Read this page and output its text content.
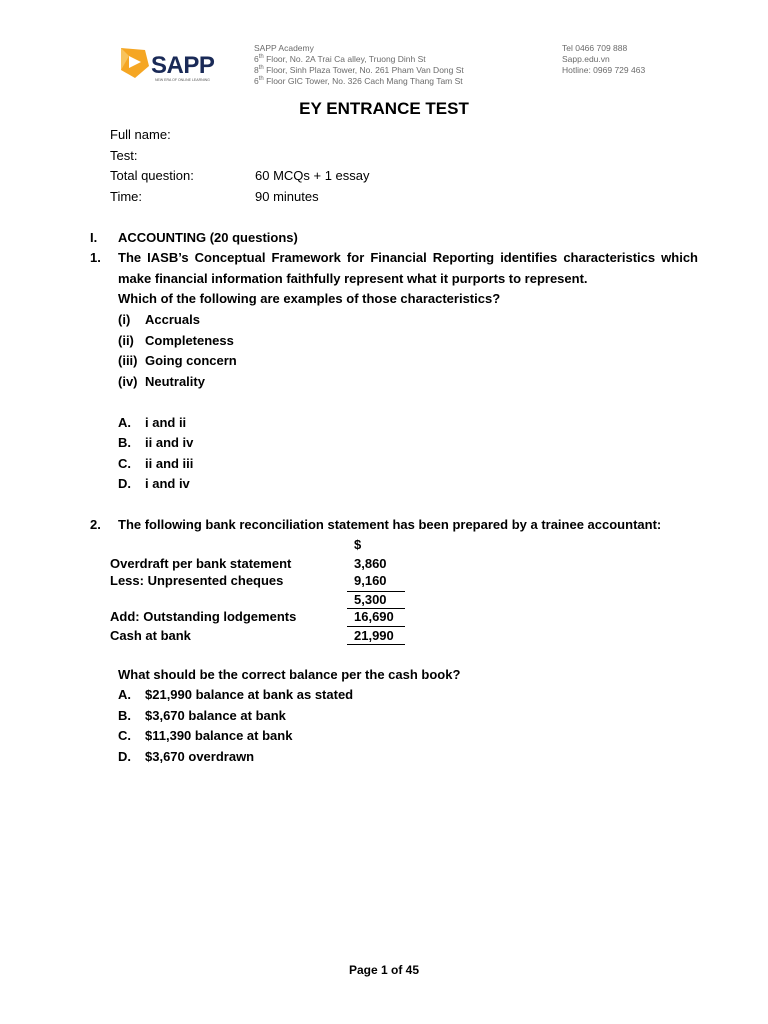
SAPP
NEW ERA OF ONLINE LEARNING
SAPP Academy
6th Floor, No. 2A Trai Ca alley, Truong Dinh St
8th Floor, Sinh Plaza Tower, No. 261 Pham Van Dong St
6th Floor GIC Tower, No. 326 Cach Mang Thang Tam St
Tel 0466 709 888
Sapp.edu.vn
Hotline: 0969 729 463
EY ENTRANCE TEST
Full name:
Test:
Total question:	60 MCQs + 1 essay
Time:	90 minutes
I. ACCOUNTING (20 questions)
1. The IASB’s Conceptual Framework for Financial Reporting identifies characteristics which
make financial information faithfully represent what it purports to represent.
Which of the following are examples of those characteristics?
(i) Accruals
(ii) Completeness
(iii) Going concern
(iv) Neutrality
A. i and ii
B. ii and iv
C. ii and iii
D. i and iv
2. The following bank reconciliation statement has been prepared by a trainee accountant:
$
Overdraft per bank statement	3,860
Less: Unpresented cheques	9,160
5,300
Add: Outstanding lodgements	16,690
Cash at bank	21,990
What should be the correct balance per the cash book?
A. $21,990 balance at bank as stated
B. $3,670 balance at bank
C. $11,390 balance at bank
D. $3,670 overdrawn
Page 1 of 45
